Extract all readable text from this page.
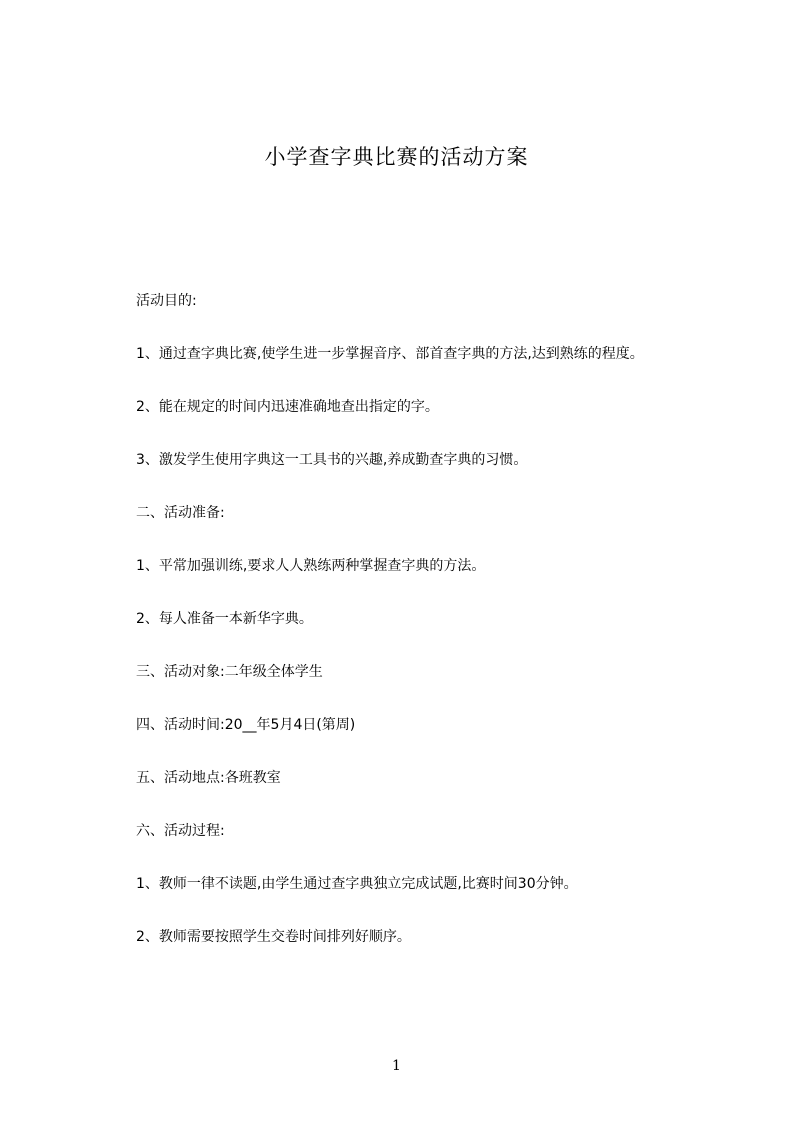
小学查字典比赛的活动方案
活动目的:
1、通过查字典比赛,使学生进一步掌握音序、部首查字典的方法,达到熟练的程度。
2、能在规定的时间内迅速准确地查出指定的字。
3、激发学生使用字典这一工具书的兴趣,养成勤查字典的习惯。
二、活动准备:
1、平常加强训练,要求人人熟练两种掌握查字典的方法。
2、每人准备一本新华字典。
三、活动对象:二年级全体学生
四、活动时间:20__年5月4日(第周)
五、活动地点:各班教室
六、活动过程:
1、教师一律不读题,由学生通过查字典独立完成试题,比赛时间30分钟。
2、教师需要按照学生交卷时间排列好顺序。
1
